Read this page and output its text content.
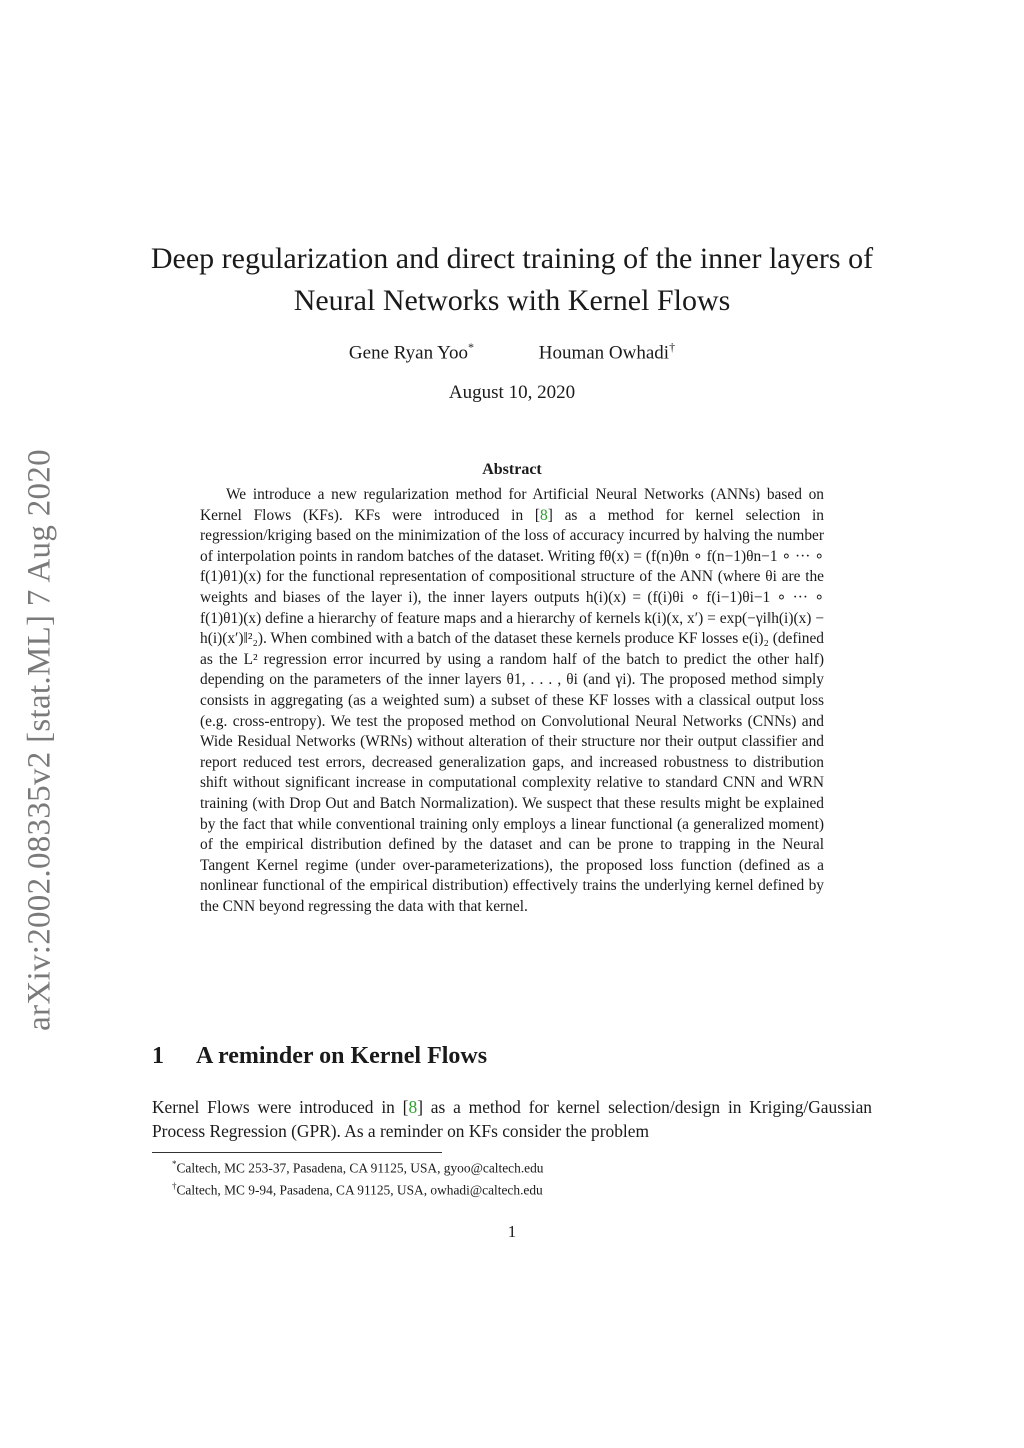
arXiv:2002.08335v2 [stat.ML] 7 Aug 2020
Deep regularization and direct training of the inner layers of
Neural Networks with Kernel Flows
Gene Ryan Yoo*	Houman Owhadi†
August 10, 2020
Abstract
We introduce a new regularization method for Artificial Neural Networks (ANNs) based on Kernel Flows (KFs). KFs were introduced in [8] as a method for kernel selection in regression/kriging based on the minimization of the loss of accuracy incurred by halving the number of interpolation points in random batches of the dataset. Writing fθ(x) = (f(n)θn ∘ f(n−1)θn−1 ∘ ··· ∘ f(1)θ1)(x) for the functional representation of compositional structure of the ANN (where θi are the weights and biases of the layer i), the inner layers outputs h(i)(x) = (f(i)θi ∘ f(i−1)θi−1 ∘ ··· ∘ f(1)θ1)(x) define a hierarchy of feature maps and a hierarchy of kernels k(i)(x, x′) = exp(−γi‖h(i)(x) − h(i)(x′)‖²₂). When combined with a batch of the dataset these kernels produce KF losses e(i)₂ (defined as the L² regression error incurred by using a random half of the batch to predict the other half) depending on the parameters of the inner layers θ1, . . . , θi (and γi). The proposed method simply consists in aggregating (as a weighted sum) a subset of these KF losses with a classical output loss (e.g. cross-entropy). We test the proposed method on Convolutional Neural Networks (CNNs) and Wide Residual Networks (WRNs) without alteration of their structure nor their output classifier and report reduced test errors, decreased generalization gaps, and increased robustness to distribution shift without significant increase in computational complexity relative to standard CNN and WRN training (with Drop Out and Batch Normalization). We suspect that these results might be explained by the fact that while conventional training only employs a linear functional (a generalized moment) of the empirical distribution defined by the dataset and can be prone to trapping in the Neural Tangent Kernel regime (under over-parameterizations), the proposed loss function (defined as a nonlinear functional of the empirical distribution) effectively trains the underlying kernel defined by the CNN beyond regressing the data with that kernel.
1 A reminder on Kernel Flows
Kernel Flows were introduced in [8] as a method for kernel selection/design in Kriging/Gaussian Process Regression (GPR). As a reminder on KFs consider the problem
*Caltech, MC 253-37, Pasadena, CA 91125, USA, gyoo@caltech.edu
†Caltech, MC 9-94, Pasadena, CA 91125, USA, owhadi@caltech.edu
1
